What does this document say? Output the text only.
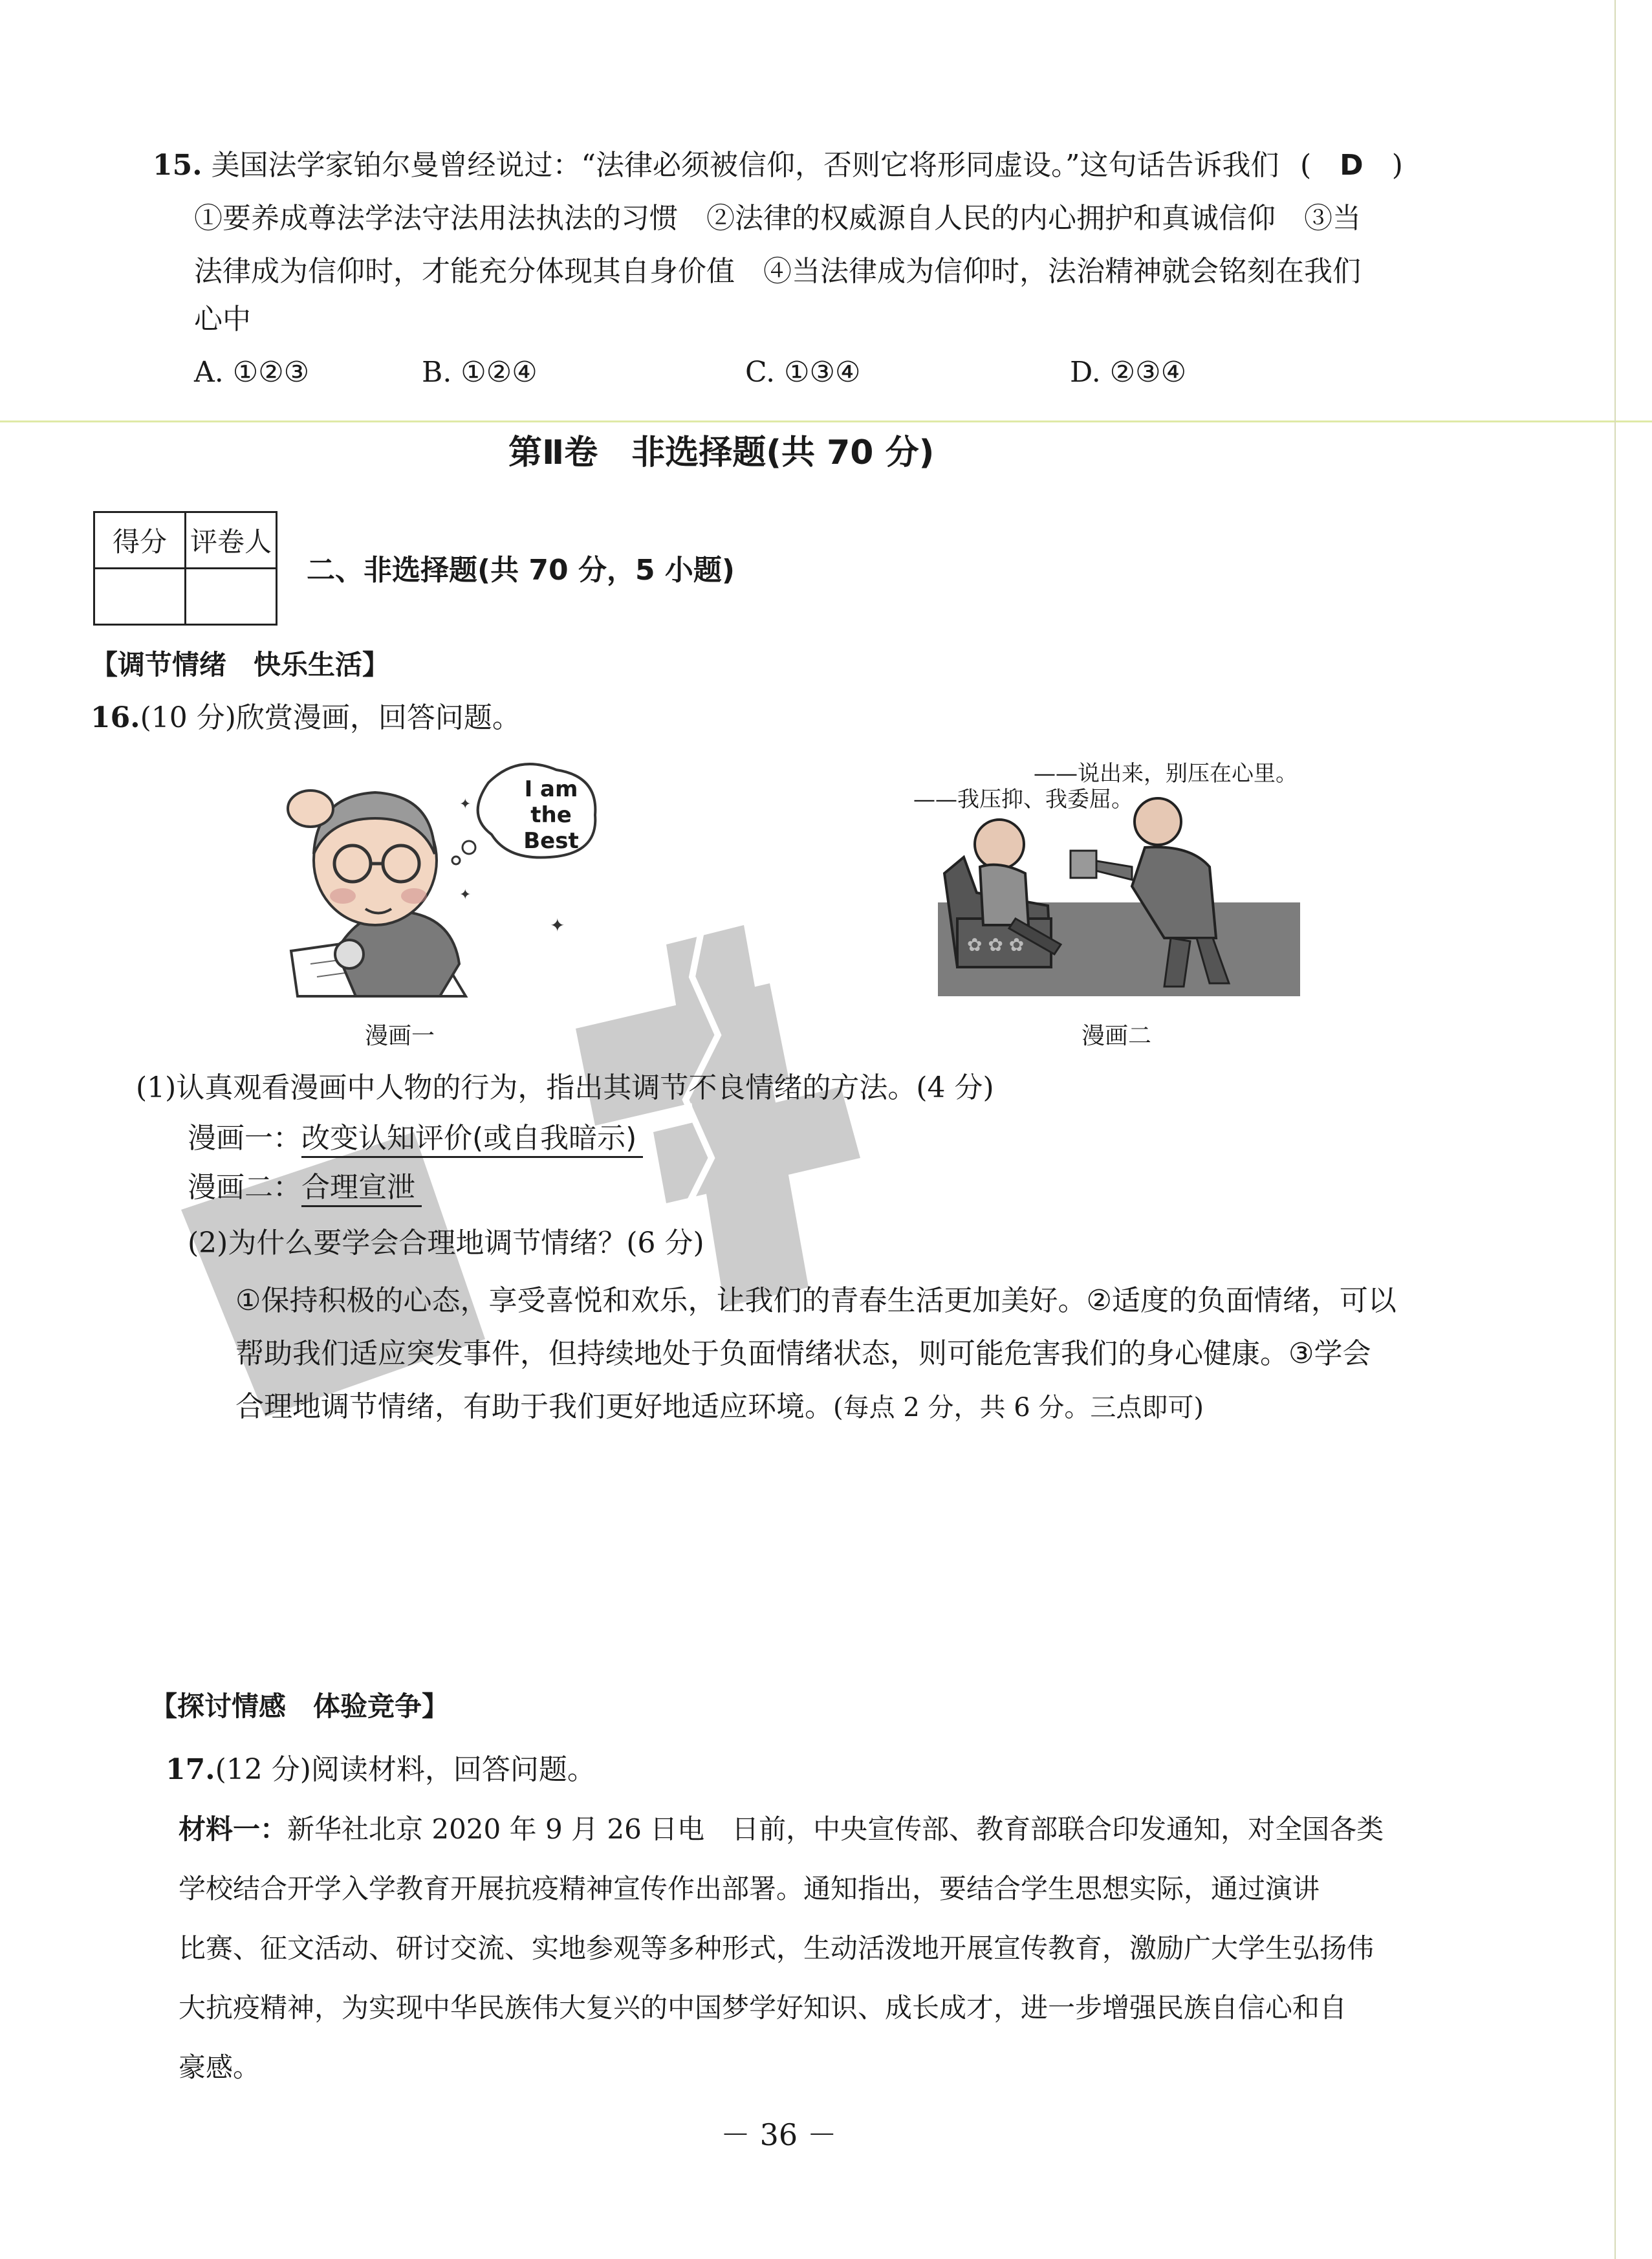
15. 美国法学家铂尔曼曾经说过：“法律必须被信仰，否则它将形同虚设。”这句话告诉我们 (　D　)
①要养成尊法学法守法用法执法的习惯　②法律的权威源自人民的内心拥护和真诚信仰　③当
法律成为信仰时，才能充分体现其自身价值　④当法律成为信仰时，法治精神就会铭刻在我们
心中
A. ①②③	B. ①②④	C. ①③④	D. ②③④
第Ⅱ卷　非选择题(共 70 分)
得分	评卷人

二、非选择题(共 70 分，5 小题)
【调节情绪　快乐生活】
16.(10 分)欣赏漫画，回答问题。
✦
✦
✦
I am the
Best
漫画一
✿ ✿ ✿
——说出来，别压在心里。
——我压抑、我委屈。
漫画二
(1)认真观看漫画中人物的行为，指出其调节不良情绪的方法。(4 分)
漫画一：改变认知评价(或自我暗示)
漫画二：合理宣泄
(2)为什么要学会合理地调节情绪？(6 分)
①保持积极的心态，享受喜悦和欢乐，让我们的青春生活更加美好。②适度的负面情绪，可以
帮助我们适应突发事件，但持续地处于负面情绪状态，则可能危害我们的身心健康。③学会
合理地调节情绪，有助于我们更好地适应环境。(每点 2 分，共 6 分。三点即可)
【探讨情感　体验竞争】
17.(12 分)阅读材料，回答问题。
材料一：新华社北京 2020 年 9 月 26 日电　日前，中央宣传部、教育部联合印发通知，对全国各类
学校结合开学入学教育开展抗疫精神宣传作出部署。通知指出，要结合学生思想实际，通过演讲
比赛、征文活动、研讨交流、实地参观等多种形式，生动活泼地开展宣传教育，激励广大学生弘扬伟
大抗疫精神，为实现中华民族伟大复兴的中国梦学好知识、成长成才，进一步增强民族自信心和自
豪感。
－ 36 －
